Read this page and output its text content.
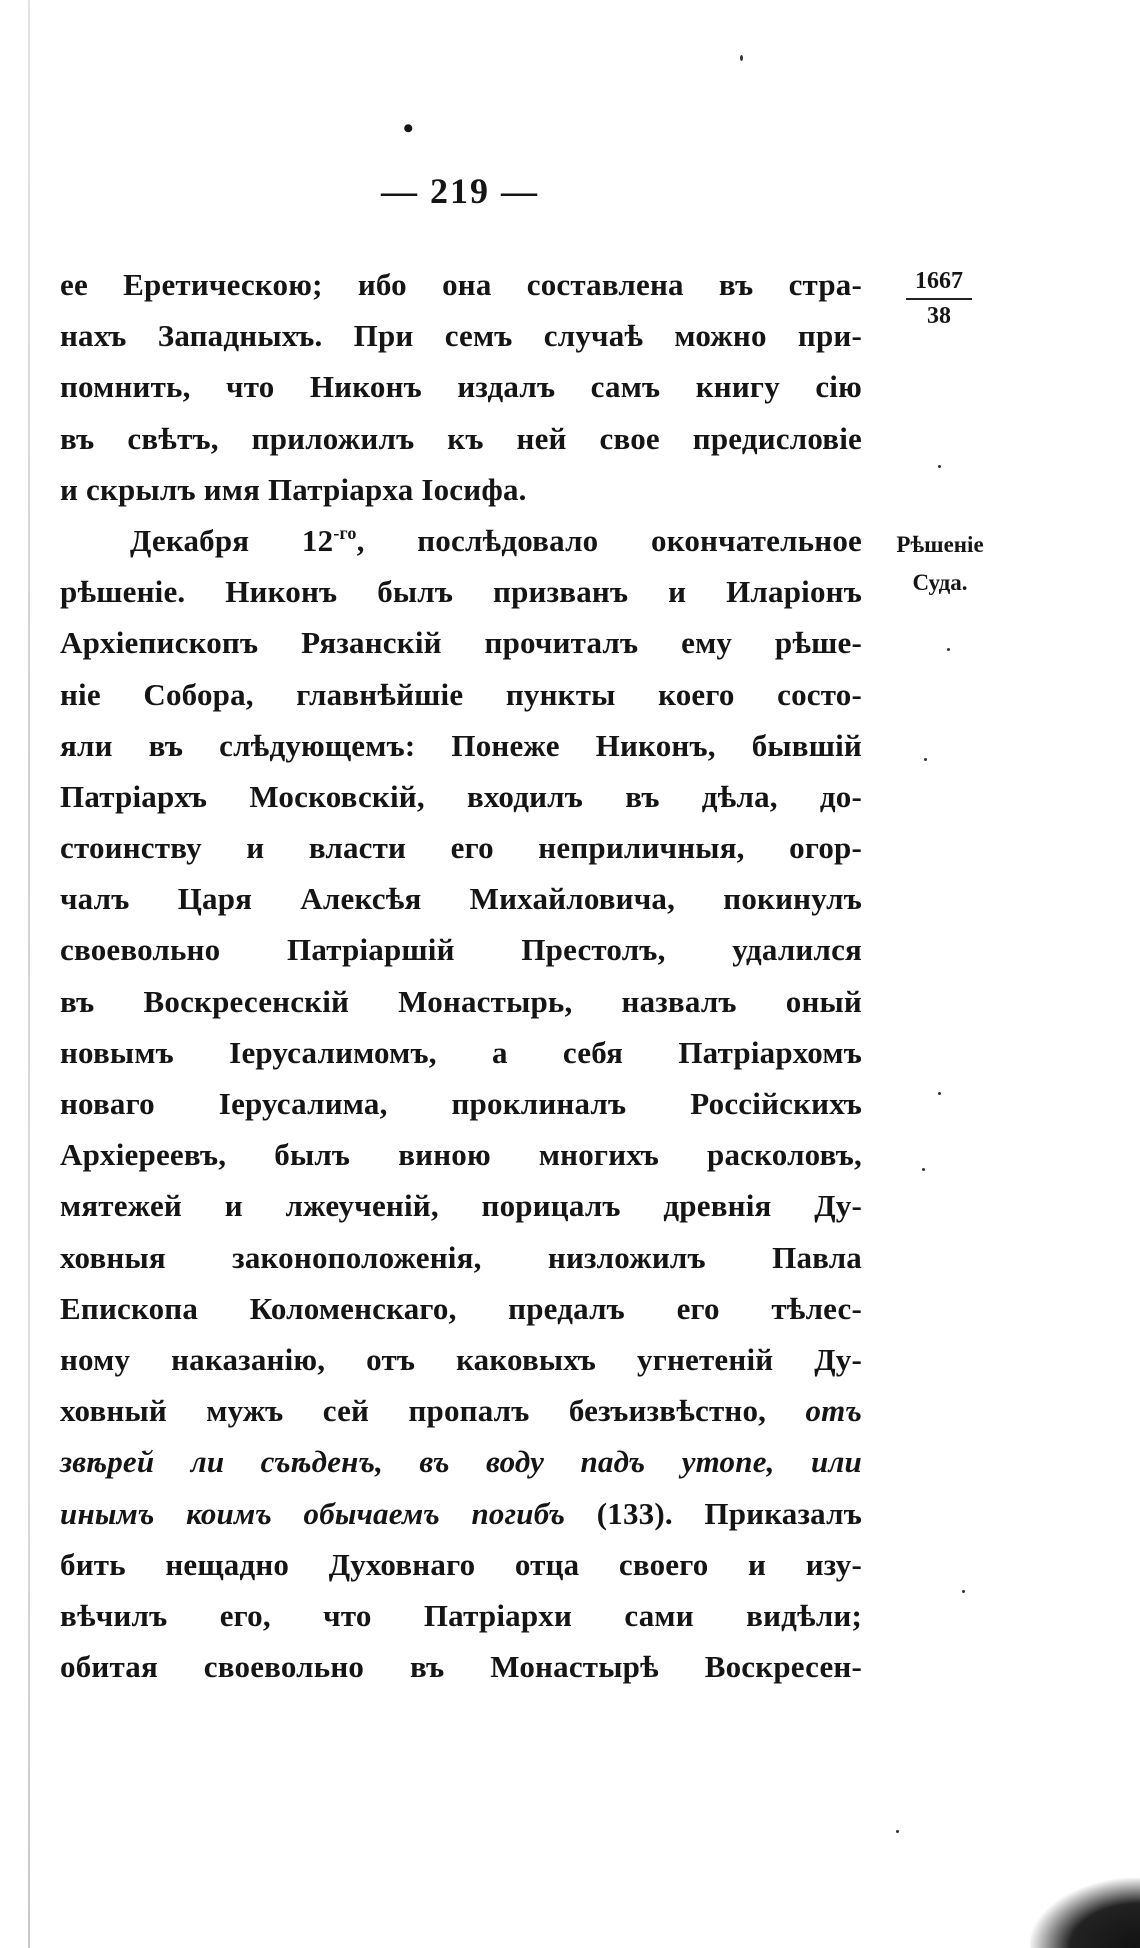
•
— 219 —
1667
38
Рѣшеніе
Суда.
ее Еретическою; ибо она составлена въ стра-
нахъ Западныхъ. При семъ случаѣ можно при-
помнить, что Никонъ издалъ самъ книгу сію
въ свѣтъ, приложилъ къ ней свое предисловіе
и скрылъ имя Патріарха Іосифа.
Декабря $12^{-го}$, послѣдовало окончательное
рѣшеніе. Никонъ былъ призванъ и Иларіонъ
Архіепископъ Рязанскій прочиталъ ему рѣше-
ніе Собора, главнѣйшіе пункты коего состо-
яли въ слѣдующемъ: Понеже Никонъ, бывшій
Патріархъ Московскій, входилъ въ дѣла, до-
стоинству и власти его неприличныя, огор-
чалъ Царя Алексѣя Михайловича, покинулъ
своевольно Патріаршій Престолъ, удалился
въ Воскресенскій Монастырь, назвалъ оный
новымъ Іерусалимомъ, а себя Патріархомъ
новаго Іерусалима, проклиналъ Россійскихъ
Архіереевъ, былъ виною многихъ расколовъ,
мятежей и лжеученій, порицалъ древнія Ду-
ховныя законоположенія, низложилъ Павла
Епископа Коломенскаго, предалъ его тѣлес-
ному наказанію, отъ каковыхъ угнетеній Ду-
ховный мужъ сей пропалъ безъизвѣстно, отъ
звѣрей ли съѣденъ, въ воду падъ утопе, или
инымъ коимъ обычаемъ погибъ (133). Приказалъ
бить нещадно Духовнаго отца своего и изу-
вѣчилъ его, что Патріархи сами видѣли;
обитая своевольно въ Монастырѣ Воскресен-
